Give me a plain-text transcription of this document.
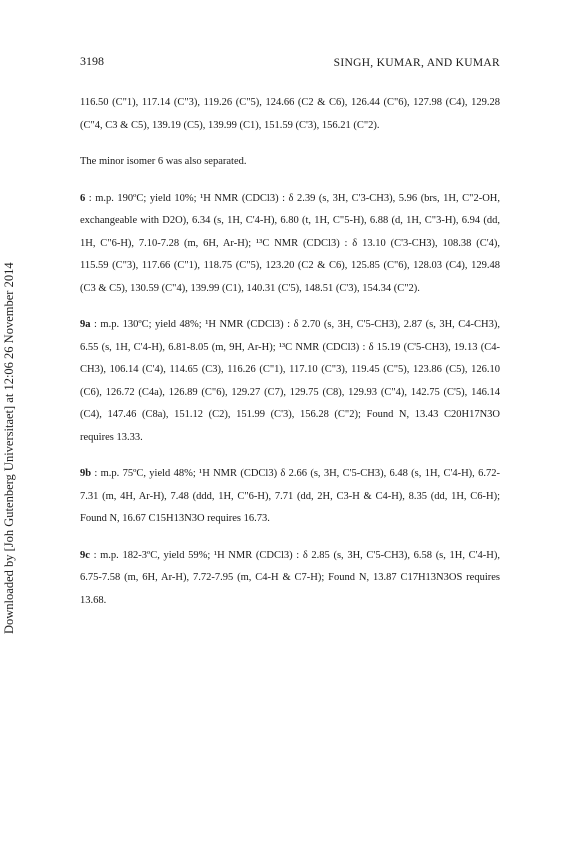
3198	SINGH, KUMAR, AND KUMAR
Downloaded by [Joh Gutenberg Universitaet] at 12:06 26 November 2014

116.50 (C"1), 117.14 (C"3), 119.26 (C"5), 124.66 (C2 & C6), 126.44 (C"6), 127.98 (C4), 129.28 (C"4, C3 & C5), 139.19 (C5), 139.99 (C1), 151.59 (C'3), 156.21 (C"2).

The minor isomer 6 was also separated.

6 : m.p. 190ºC; yield 10%; ¹H NMR (CDCl3) : δ 2.39 (s, 3H, C'3-CH3), 5.96 (brs, 1H, C"2-OH, exchangeable with D2O), 6.34 (s, 1H, C'4-H), 6.80 (t, 1H, C"5-H), 6.88 (d, 1H, C"3-H), 6.94 (dd, 1H, C"6-H), 7.10-7.28 (m, 6H, Ar-H); ¹³C NMR (CDCl3) : δ 13.10 (C'3-CH3), 108.38 (C'4), 115.59 (C"3), 117.66 (C"1), 118.75 (C"5), 123.20 (C2 & C6), 125.85 (C"6), 128.03 (C4), 129.48 (C3 & C5), 130.59 (C"4), 139.99 (C1), 140.31 (C'5), 148.51 (C'3), 154.34 (C"2).

9a : m.p. 130ºC; yield 48%; ¹H NMR (CDCl3) : δ 2.70 (s, 3H, C'5-CH3), 2.87 (s, 3H, C4-CH3), 6.55 (s, 1H, C'4-H), 6.81-8.05 (m, 9H, Ar-H); ¹³C NMR (CDCl3) : δ 15.19 (C'5-CH3), 19.13 (C4-CH3), 106.14 (C'4), 114.65 (C3), 116.26 (C"1), 117.10 (C"3), 119.45 (C"5), 123.86 (C5), 126.10 (C6), 126.72 (C4a), 126.89 (C"6), 129.27 (C7), 129.75 (C8), 129.93 (C"4), 142.75 (C'5), 146.14 (C4), 147.46 (C8a), 151.12 (C2), 151.99 (C'3), 156.28 (C"2); Found N, 13.43 C20H17N3O requires 13.33.

9b : m.p. 75ºC, yield 48%; ¹H NMR (CDCl3) δ 2.66 (s, 3H, C'5-CH3), 6.48 (s, 1H, C'4-H), 6.72-7.31 (m, 4H, Ar-H), 7.48 (ddd, 1H, C"6-H), 7.71 (dd, 2H, C3-H & C4-H), 8.35 (dd, 1H, C6-H); Found N, 16.67 C15H13N3O requires 16.73.

9c : m.p. 182-3ºC, yield 59%; ¹H NMR (CDCl3) : δ 2.85 (s, 3H, C'5-CH3), 6.58 (s, 1H, C'4-H), 6.75-7.58 (m, 6H, Ar-H), 7.72-7.95 (m, C4-H & C7-H); Found N, 13.87 C17H13N3OS requires 13.68.
